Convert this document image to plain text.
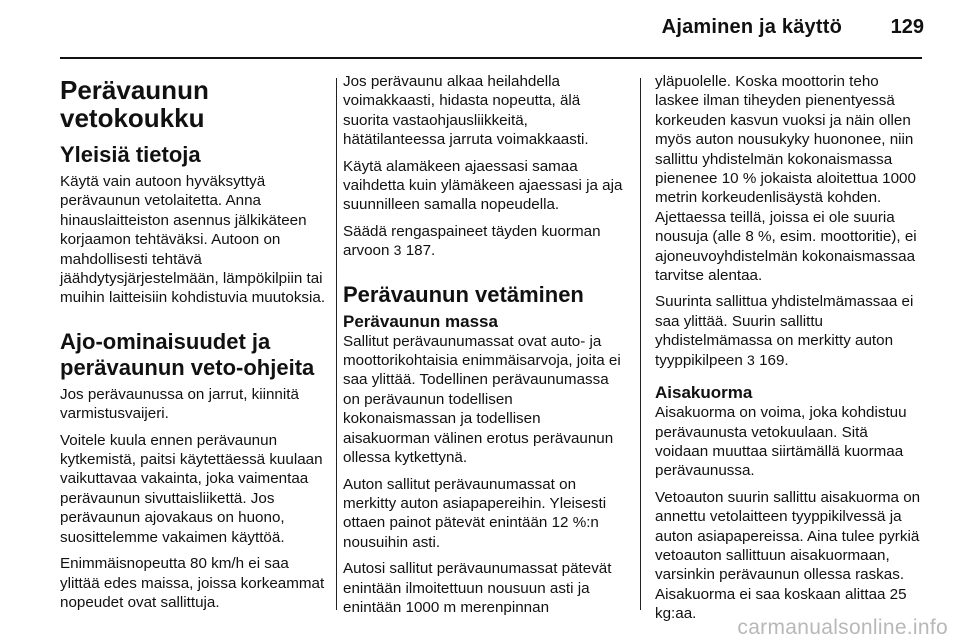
Ajaminen ja käyttö 129
Perävaunun vetokoukku
Yleisiä tietoja

Käytä vain autoon hyväksyttyä perävaunun vetolaitetta. Anna hinauslaitteiston asennus jälkikäteen korjaamon tehtäväksi. Autoon on mahdollisesti tehtävä jäähdytysjärjestelmään, lämpökilpiin tai muihin laitteisiin kohdistuvia muutoksia.

Ajo-ominaisuudet ja perävaunun veto-ohjeita

Jos perävaunussa on jarrut, kiinnitä varmistusvaijeri.

Voitele kuula ennen perävaunun kytkemistä, paitsi käytettäessä kuulaan vaikuttavaa vakainta, joka vaimentaa perävaunun sivuttaisliikettä. Jos perävaunun ajovakaus on huono, suosittelemme vakaimen käyttöä.

Enimmäisnopeutta 80 km/h ei saa ylittää edes maissa, joissa korkeammat nopeudet ovat sallittuja.

Jos perävaunu alkaa heilahdella voimakkaasti, hidasta nopeutta, älä suorita vastaohjausliikkeitä, hätätilanteessa jarruta voimakkaasti.

Käytä alamäkeen ajaessasi samaa vaihdetta kuin ylämäkeen ajaessasi ja aja suunnilleen samalla nopeudella.

Säädä rengaspaineet täyden kuorman arvoon 3 187.

Perävaunun vetäminen
Perävaunun massa

Sallitut perävaunumassat ovat auto- ja moottorikohtaisia enimmäisarvoja, joita ei saa ylittää. Todellinen perävaunumassa on perävaunun todellisen kokonaismassan ja todellisen aisakuorman välinen erotus perävaunun ollessa kytkettynä.

Auton sallitut perävaunumassat on merkitty auton asiapapereihin. Yleisesti ottaen painot pätevät enintään 12 %:n nousuihin asti.

Autosi sallitut perävaunumassat pätevät enintään ilmoitettuun nousuun asti ja enintään 1000 m merenpinnan

yläpuolelle. Koska moottorin teho laskee ilman tiheyden pienentyessä korkeuden kasvun vuoksi ja näin ollen myös auton nousukyky huononee, niin sallittu yhdistelmän kokonaismassa pienenee 10 % jokaista aloitettua 1000 metrin korkeudenlisäystä kohden. Ajettaessa teillä, joissa ei ole suuria nousuja (alle 8 %, esim. moottoritie), ei ajoneuvoyhdistelmän kokonaismassaa tarvitse alentaa.

Suurinta sallittua yhdistelmämassaa ei saa ylittää. Suurin sallittu yhdistelmämassa on merkitty auton tyyppikilpeen 3 169.

Aisakuorma

Aisakuorma on voima, joka kohdistuu perävaunusta vetokuulaan. Sitä voidaan muuttaa siirtämällä kuormaa perävaunussa.

Vetoauton suurin sallittu aisakuorma on annettu vetolaitteen tyyppikilvessä ja auton asiapapereissa. Aina tulee pyrkiä vetoauton sallittuun aisakuormaan, varsinkin perävaunun ollessa raskas. Aisakuorma ei saa koskaan alittaa 25 kg:aa.

carmanualsonline.info
